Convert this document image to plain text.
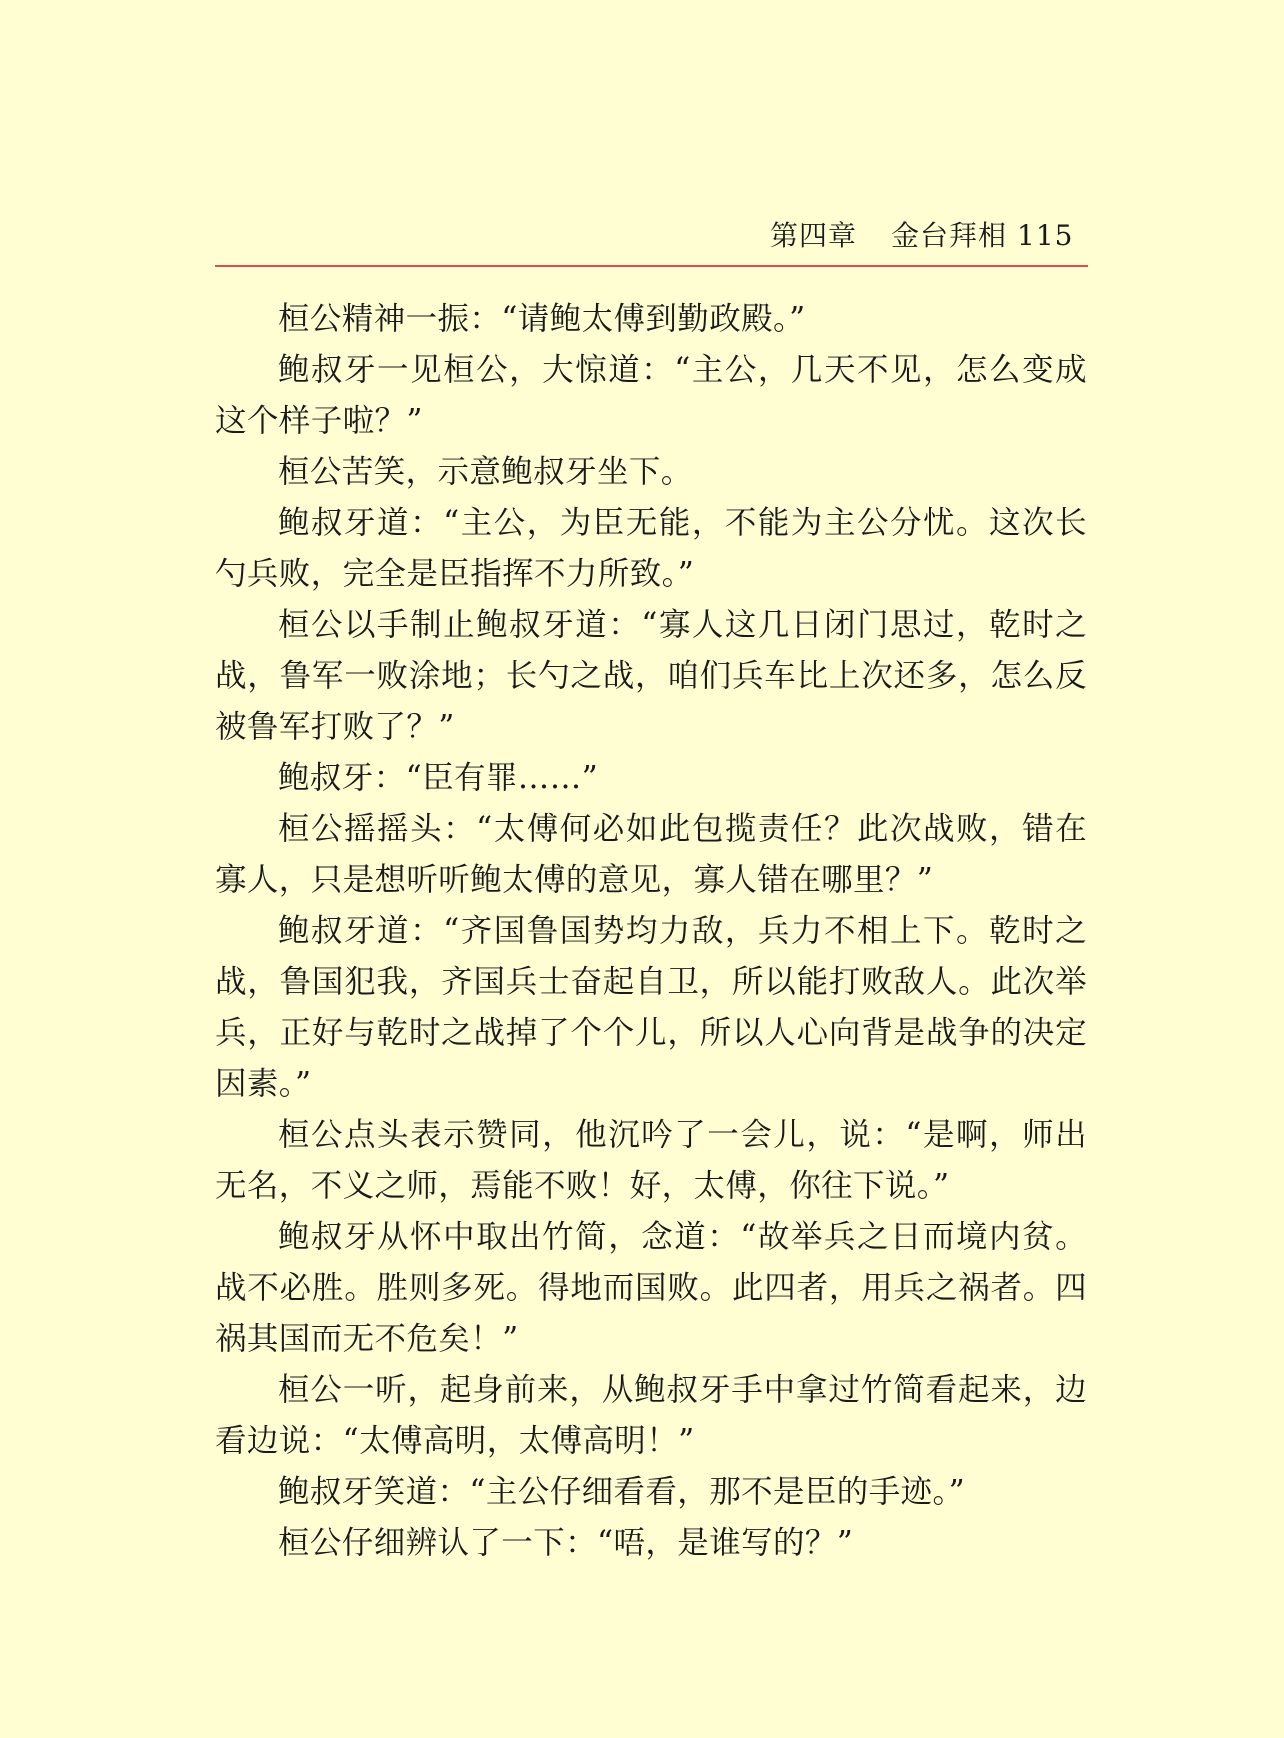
第四章 金台拜相 115

桓公精神一振：“请鲍太傅到勤政殿。”

鲍叔牙一见桓公，大惊道：“主公，几天不见，怎么变成这个样子啦？”

桓公苦笑，示意鲍叔牙坐下。

鲍叔牙道：“主公，为臣无能，不能为主公分忧。这次长勺兵败，完全是臣指挥不力所致。”

桓公以手制止鲍叔牙道：“寡人这几日闭门思过，乾时之战，鲁军一败涂地；长勺之战，咱们兵车比上次还多，怎么反被鲁军打败了？”

鲍叔牙：“臣有罪……”

桓公摇摇头：“太傅何必如此包揽责任？此次战败，错在寡人，只是想听听鲍太傅的意见，寡人错在哪里？”

鲍叔牙道：“齐国鲁国势均力敌，兵力不相上下。乾时之战，鲁国犯我，齐国兵士奋起自卫，所以能打败敌人。此次举兵，正好与乾时之战掉了个个儿，所以人心向背是战争的决定因素。”

桓公点头表示赞同，他沉吟了一会儿，说：“是啊，师出无名，不义之师，焉能不败！好，太傅，你往下说。”

鲍叔牙从怀中取出竹简，念道：“故举兵之日而境内贫。战不必胜。胜则多死。得地而国败。此四者，用兵之祸者。四祸其国而无不危矣！”

桓公一听，起身前来，从鲍叔牙手中拿过竹简看起来，边看边说：“太傅高明，太傅高明！”

鲍叔牙笑道：“主公仔细看看，那不是臣的手迹。”

桓公仔细辨认了一下：“唔，是谁写的？”
